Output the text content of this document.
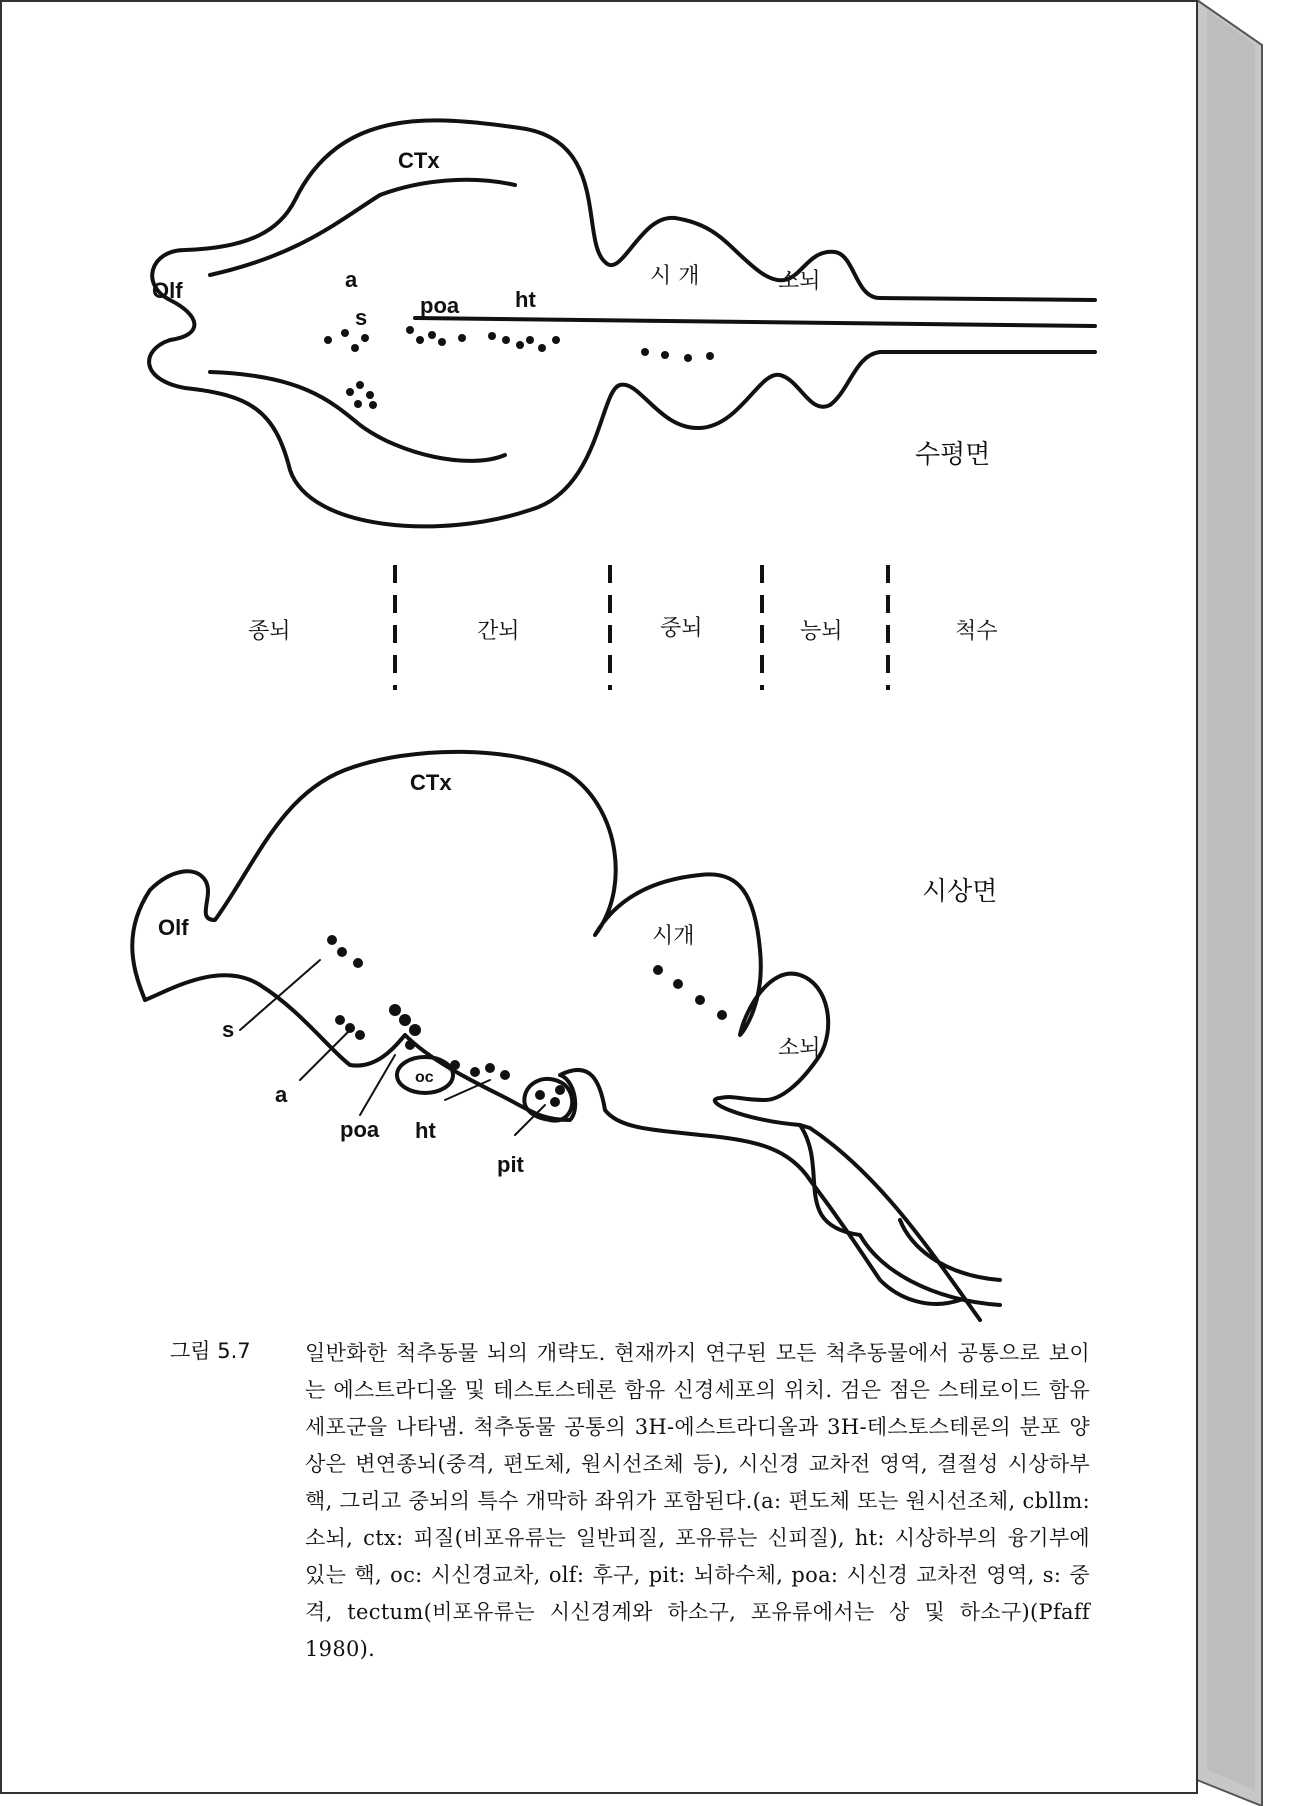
CTx
Olf	a
s poa	ht
시 개	소뇌
수평면
종뇌	간뇌	중뇌	능뇌	척수
CTx
Olf
시상면
시개
소뇌
s
a
poa ht
oc
pit
그림 5.7	일반화한 척추동물 뇌의 개략도. 현재까지 연구된 모든 척추동물에서 공통으로 보이는 에스트라디올 및 테스토스테론 함유 신경세포의 위치. 검은 점은 스테로이드 함유 세포군을 나타냄. 척추동물 공통의 3H-에스트라디올과 3H-테스토스테론의 분포 양상은 변연종뇌(중격, 편도체, 원시선조체 등), 시신경 교차전 영역, 결절성 시상하부핵, 그리고 중뇌의 특수 개막하 좌위가 포함된다.(a: 편도체 또는 원시선조체, cbllm: 소뇌, ctx: 피질(비포유류는 일반피질, 포유류는 신피질), ht: 시상하부의 융기부에 있는 핵, oc: 시신경교차, olf: 후구, pit: 뇌하수체, poa: 시신경 교차전 영역, s: 중격, tectum(비포유류는 시신경계와 하소구, 포유류에서는 상 및 하소구)(Pfaff 1980).
